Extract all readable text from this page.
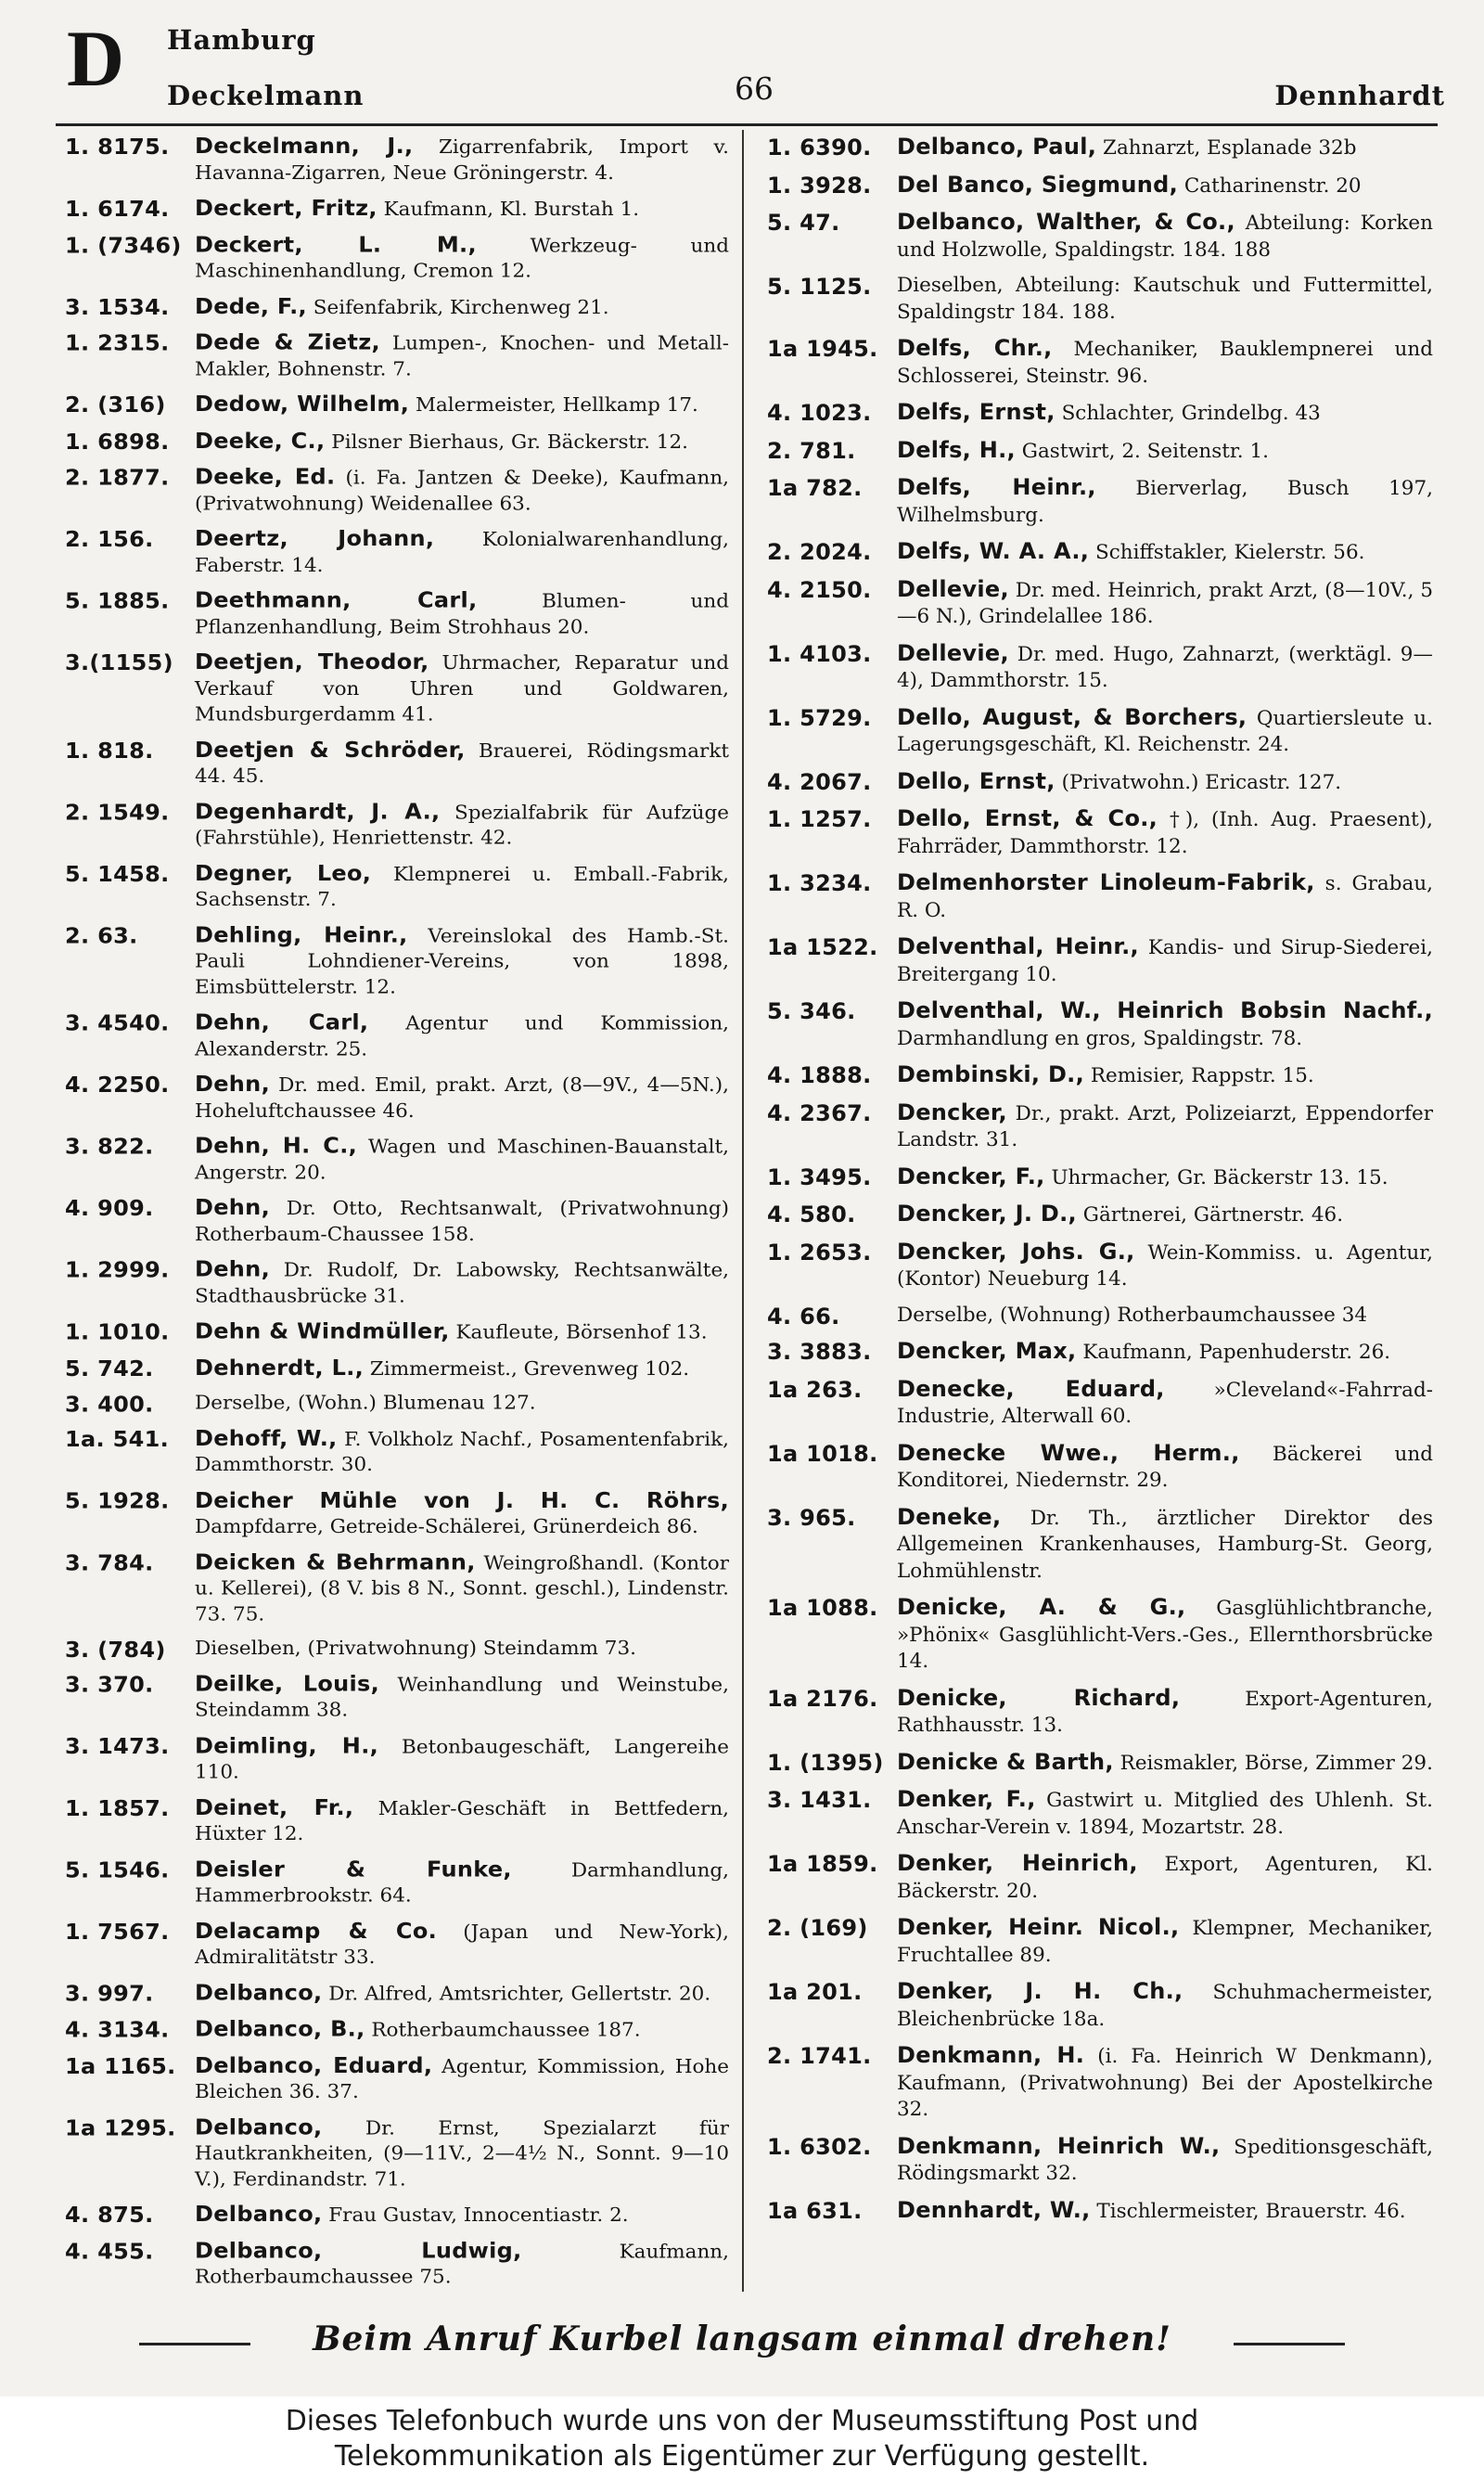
D Hamburg
Deckelmann	66	Dennhardt
1. 8175.	Deckelmann, J., Zigarrenfabrik, Import v. Havanna-Zigarren, Neue Gröningerstr. 4.
1. 6174.	Deckert, Fritz, Kaufmann, Kl. Burstah 1.
1. (7346) Deckert, L. M.,	Werkzeug- und Maschinenhandlung, Cremon 12.
3. 1534.	Dede, F., Seifenfabrik, Kirchenweg 21.
1. 2315.	Dede & Zietz, Lumpen-, Knochen- und Metall-Makler, Bohnenstr. 7.
2. (316)	Dedow, Wilhelm, Malermeister, Hellkamp 17.
1. 6898.	Deeke, C., Pilsner Bierhaus, Gr. Bäckerstr. 12.
2. 1877.	Deeke, Ed. (i. Fa. Jantzen & Deeke), Kaufmann, (Privatwohnung) Weidenallee 63.
2. 156.	Deertz, Johann, Kolonialwarenhandlung, Faberstr. 14.
5. 1885.	Deethmann, Carl,	Blumen- und Pflanzenhandlung, Beim Strohhaus 20.
3.(1155) Deetjen, Theodor, Uhrmacher, Reparatur und Verkauf von Uhren und Goldwaren, Mundsburgerdamm 41.
1. 818.	Deetjen & Schröder, Brauerei, Rödingsmarkt 44. 45.
2. 1549.	Degenhardt, J. A., Spezialfabrik für Aufzüge (Fahrstühle), Henriettenstr. 42.
5. 1458.	Degner, Leo, Klempnerei u. Emball.-Fabrik, Sachsenstr. 7.
2. 63.	Dehling, Heinr., Vereinslokal des Hamb.-St. Pauli Lohndiener-Vereins, von 1898, Eimsbüttelerstr. 12.
3. 4540.	Dehn, Carl, Agentur und Kommission, Alexanderstr. 25.
4. 2250.	Dehn, Dr. med. Emil, prakt. Arzt, (8—9V., 4—5N.), Hoheluftchaussee 46.
3. 822.	Dehn, H. C., Wagen und Maschinen-Bauanstalt, Angerstr. 20.
4. 909.	Dehn, Dr. Otto, Rechtsanwalt, (Privatwohnung) Rotherbaum-Chaussee 158.
1. 2999.	Dehn, Dr. Rudolf, Dr. Labowsky, Rechtsanwälte, Stadthausbrücke 31.
1. 1010.	Dehn & Windmüller, Kaufleute, Börsenhof 13.
5. 742.	Dehnerdt, L., Zimmermeist., Grevenweg 102.
3. 400.	Derselbe, (Wohn.) Blumenau 127.
1a. 541.	Dehoff, W., F. Volkholz Nachf., Posamentenfabrik, Dammthorstr. 30.
5. 1928.	Deicher Mühle von J. H. C. Röhrs, Dampfdarre, Getreide-Schälerei, Grünerdeich 86.
3. 784.	Deicken & Behrmann, Weingroßhandl. (Kontor u. Kellerei), (8 V. bis 8 N., Sonnt. geschl.), Lindenstr. 73. 75.
3. (784)	Dieselben, (Privatwohnung) Steindamm 73.
3. 370.	Deilke, Louis, Weinhandlung und Weinstube, Steindamm 38.
3. 1473.	Deimling, H., Betonbaugeschäft, Langereihe 110.
1. 1857.	Deinet, Fr., Makler-Geschäft in Bettfedern, Hüxter 12.
5. 1546.	Deisler & Funke,	Darmhandlung, Hammerbrookstr. 64.
1. 7567.	Delacamp & Co. (Japan und New-York), Admiralitätstr 33.
3. 997.	Delbanco, Dr. Alfred, Amtsrichter, Gellertstr. 20.
4. 3134.	Delbanco, B., Rotherbaumchaussee 187.
1a 1165. Delbanco, Eduard, Agentur, Kommission, Hohe Bleichen 36. 37.
1a 1295. Delbanco, Dr. Ernst, Spezialarzt für Hautkrankheiten, (9—11V., 2—4½ N., Sonnt. 9—10 V.), Ferdinandstr. 71.
4. 875.	Delbanco, Frau Gustav, Innocentiastr. 2.
4. 455.	Delbanco, Ludwig,	Kaufmann, Rotherbaumchaussee 75.
1. 6390.	Delbanco, Paul, Zahnarzt, Esplanade 32b
1. 3928.	Del Banco, Siegmund, Catharinenstr. 20
5. 47.	Delbanco, Walther, & Co., Abteilung: Korken und Holzwolle, Spaldingstr. 184. 188
5. 1125.	Dieselben, Abteilung: Kautschuk und Futtermittel, Spaldingstr 184. 188.
1a 1945. Delfs, Chr., Mechaniker, Bauklempnerei und Schlosserei, Steinstr. 96.
4. 1023.	Delfs, Ernst, Schlachter, Grindelbg. 43
2. 781.	Delfs, H., Gastwirt, 2. Seitenstr. 1.
1a 782.	Delfs, Heinr., Bierverlag, Busch 197, Wilhelmsburg.
2. 2024.	Delfs, W. A. A., Schiffstakler, Kielerstr. 56.
4. 2150.	Dellevie, Dr. med. Heinrich, prakt Arzt, (8—10V., 5—6 N.), Grindelallee 186.
1. 4103.	Dellevie, Dr. med. Hugo, Zahnarzt, (werktägl. 9—4), Dammthorstr. 15.
1. 5729.	Dello, August, & Borchers, Quartiersleute u. Lagerungsgeschäft, Kl. Reichenstr. 24.
4. 2067.	Dello, Ernst, (Privatwohn.) Ericastr. 127.
1. 1257.	Dello, Ernst, & Co., †), (Inh. Aug. Praesent), Fahrräder, Dammthorstr. 12.
1. 3234.	Delmenhorster Linoleum-Fabrik, s. Grabau, R. O.
1a 1522. Delventhal, Heinr., Kandis- und Sirup-Siederei, Breitergang 10.
5. 346.	Delventhal, W., Heinrich Bobsin Nachf., Darmhandlung en gros, Spaldingstr. 78.
4. 1888.	Dembinski, D., Remisier, Rappstr. 15.
4. 2367.	Dencker, Dr., prakt. Arzt, Polizeiarzt, Eppendorfer Landstr. 31.
1. 3495.	Dencker, F., Uhrmacher, Gr. Bäckerstr 13. 15.
4. 580.	Dencker, J. D., Gärtnerei, Gärtnerstr. 46.
1. 2653.	Dencker, Johs. G., Wein-Kommiss. u. Agentur, (Kontor) Neueburg 14.
4. 66.	Derselbe, (Wohnung) Rotherbaumchaussee 34
3. 3883.	Dencker, Max, Kaufmann, Papenhuderstr. 26.
1a 263.	Denecke, Eduard, »Cleveland«-Fahrrad-Industrie, Alterwall 60.
1a 1018. Denecke Wwe., Herm., Bäckerei und Konditorei, Niedernstr. 29.
3. 965.	Deneke, Dr. Th., ärztlicher Direktor des Allgemeinen Krankenhauses, Hamburg-St. Georg, Lohmühlenstr.
1a 1088. Denicke, A. & G., Gasglühlichtbranche, »Phönix« Gasglühlicht-Vers.-Ges., Ellernthorsbrücke 14.
1a 2176. Denicke, Richard,	Export-Agenturen, Rathhausstr. 13.
1. (1395) Denicke & Barth, Reismakler, Börse, Zimmer 29.
3. 1431.	Denker, F., Gastwirt u. Mitglied des Uhlenh. St. Anschar-Verein v. 1894, Mozartstr. 28.
1a 1859. Denker, Heinrich, Export, Agenturen, Kl. Bäckerstr. 20.
2. (169)	Denker, Heinr. Nicol., Klempner, Mechaniker, Fruchtallee 89.
1a 201.	Denker, J. H. Ch., Schuhmachermeister, Bleichenbrücke 18a.
2. 1741.	Denkmann, H. (i. Fa. Heinrich W Denkmann), Kaufmann, (Privatwohnung) Bei der Apostelkirche 32.
1. 6302.	Denkmann, Heinrich W., Speditionsgeschäft, Rödingsmarkt 32.
1a 631.	Dennhardt, W., Tischlermeister, Brauerstr. 46.
Beim Anruf Kurbel langsam einmal drehen!
Dieses Telefonbuch wurde uns von der Museumsstiftung Post und
Telekommunikation als Eigentümer zur Verfügung gestellt.
